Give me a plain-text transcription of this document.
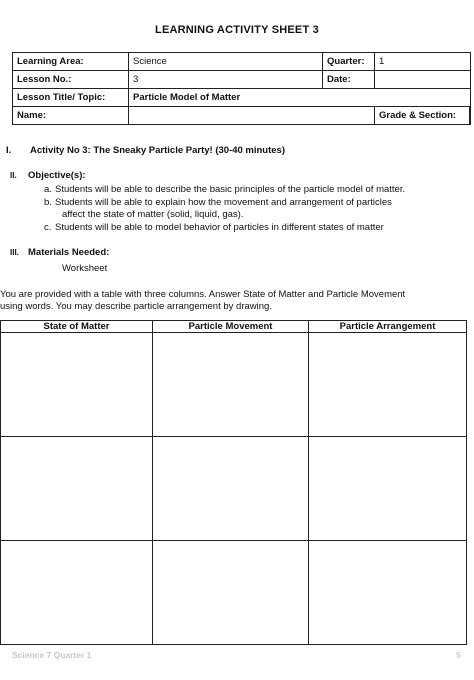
LEARNING ACTIVITY SHEET 3
Learning Area:	Science	Quarter:	1
Lesson No.:	3	Date:	
Lesson Title/ Topic:	Particle Model of Matter		
Name:			Grade & Section:
I. Activity No 3: The Sneaky Particle Party! (30-40 minutes)
II. Objective(s):
a. Students will be able to describe the basic principles of the particle model of matter.
b. Students will be able to explain how the movement and arrangement of particles
affect the state of matter (solid, liquid, gas).
c. Students will be able to model behavior of particles in different states of matter
III. Materials Needed:
Worksheet
You are provided with a table with three columns. Answer State of Matter and Particle Movement
using words. You may describe particle arrangement by drawing.
State of Matter	Particle Movement	Particle Arrangement

Science 7 Quarter 1	5
